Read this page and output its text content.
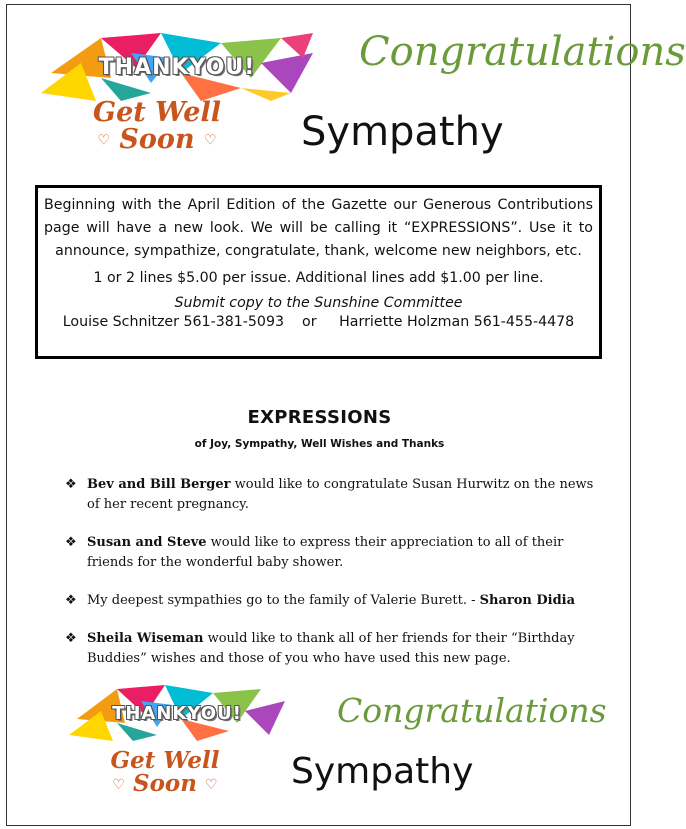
THANKYOU!	Congratulations
Get Well
♡ Soon ♡	Sympathy

Beginning with the April Edition of the Gazette our Generous Contributions page will have a new look. We will be calling it “EXPRESSIONS”. Use it to announce, sympathize, congratulate, thank, welcome new neighbors, etc.

1 or 2 lines $5.00 per issue. Additional lines add $1.00 per line.

Submit copy to the Sunshine Committee

Louise Schnitzer 561-381-5093 or Harriette Holzman 561-455-4478

EXPRESSIONS
of Joy, Sympathy, Well Wishes and Thanks
❖ Bev and Bill Berger would like to congratulate Susan Hurwitz on the news of her recent pregnancy.
❖ Susan and Steve would like to express their appreciation to all of their friends for the wonderful baby shower.
❖ My deepest sympathies go to the family of Valerie Burett. - Sharon Didia
❖ Sheila Wiseman would like to thank all of her friends for their “Birthday Buddies” wishes and those of you who have used this new page.
THANKYOU!	Congratulations
Get Well
♡ Soon ♡	Sympathy
